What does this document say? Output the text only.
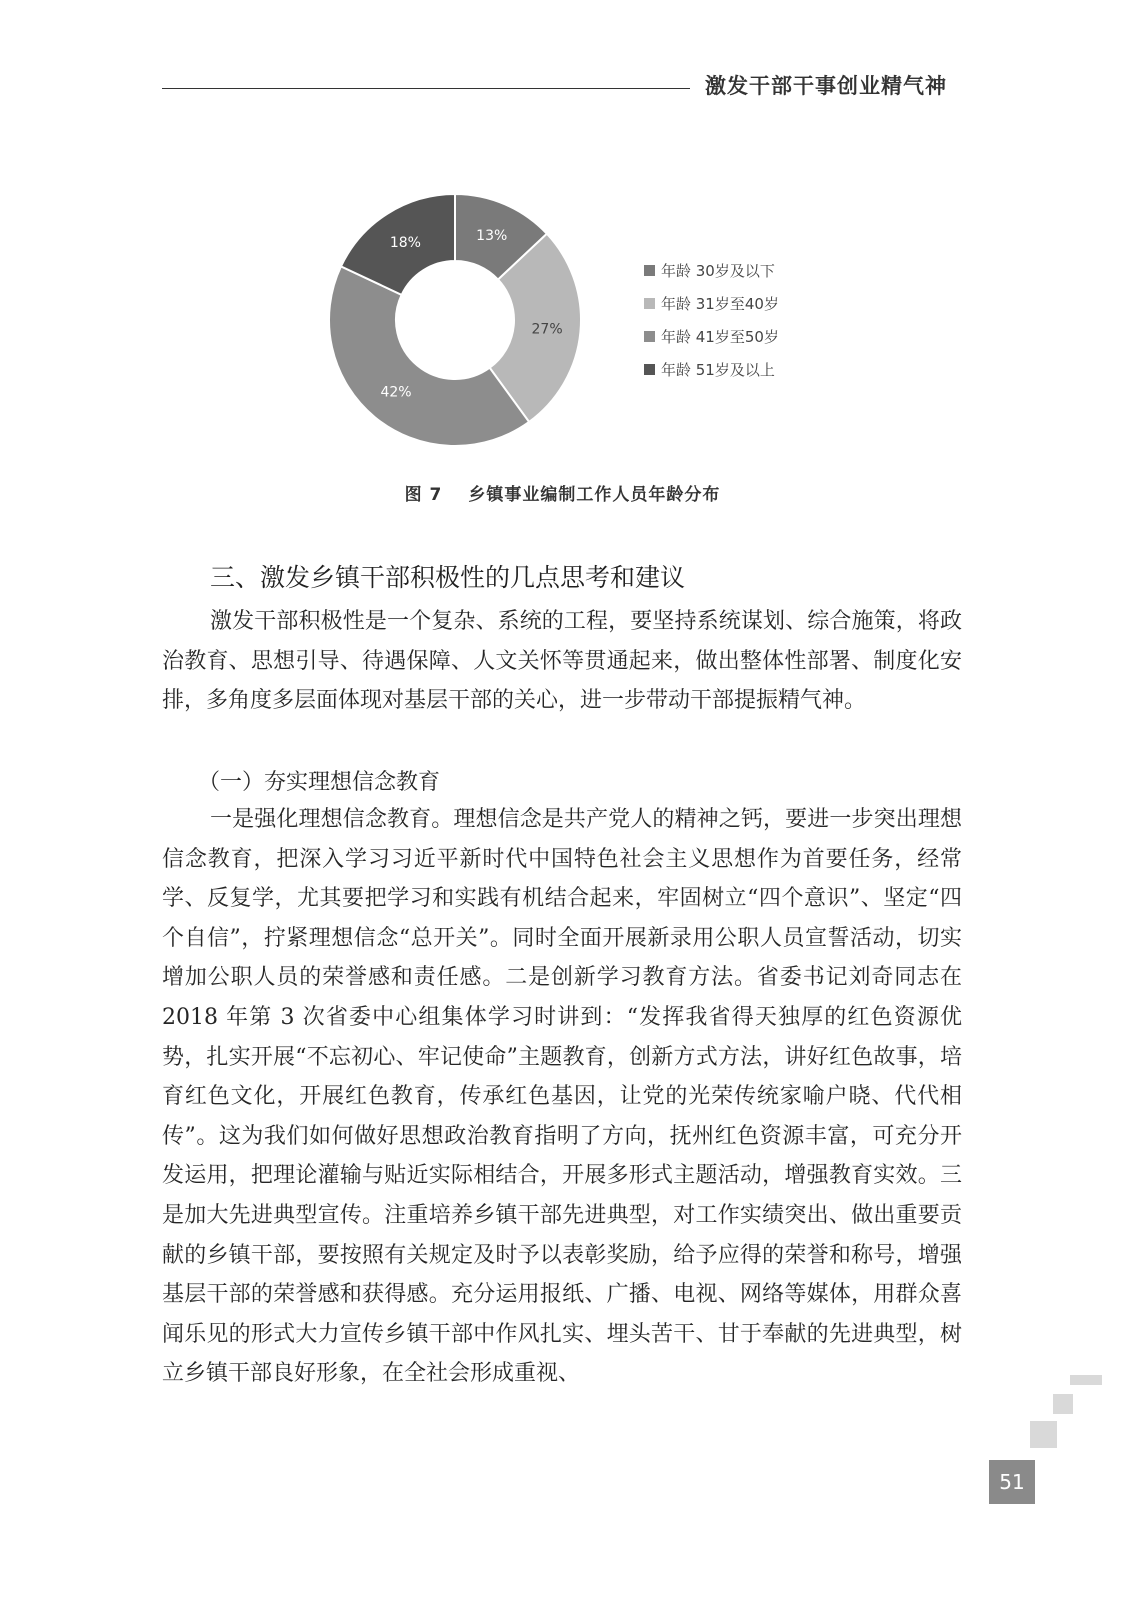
激发干部干事创业精气神
13%
27%
42%
18%
年龄 30岁及以下
年龄 31岁至40岁
年龄 41岁至50岁
年龄 51岁及以上
图 7 乡镇事业编制工作人员年龄分布
三、激发乡镇干部积极性的几点思考和建议
激发干部积极性是一个复杂、系统的工程，要坚持系统谋划、综合施策，将政治教育、思想引导、待遇保障、人文关怀等贯通起来，做出整体性部署、制度化安排，多角度多层面体现对基层干部的关心，进一步带动干部提振精气神。
（一）夯实理想信念教育
一是强化理想信念教育。理想信念是共产党人的精神之钙，要进一步突出理想信念教育，把深入学习习近平新时代中国特色社会主义思想作为首要任务，经常学、反复学，尤其要把学习和实践有机结合起来，牢固树立“四个意识”、坚定“四个自信”，拧紧理想信念“总开关”。同时全面开展新录用公职人员宣誓活动，切实增加公职人员的荣誉感和责任感。二是创新学习教育方法。省委书记刘奇同志在 2018 年第 3 次省委中心组集体学习时讲到：“发挥我省得天独厚的红色资源优势，扎实开展“不忘初心、牢记使命”主题教育，创新方式方法，讲好红色故事，培育红色文化，开展红色教育，传承红色基因，让党的光荣传统家喻户晓、代代相传”。这为我们如何做好思想政治教育指明了方向，抚州红色资源丰富，可充分开发运用，把理论灌输与贴近实际相结合，开展多形式主题活动，增强教育实效。三是加大先进典型宣传。注重培养乡镇干部先进典型，对工作实绩突出、做出重要贡献的乡镇干部，要按照有关规定及时予以表彰奖励，给予应得的荣誉和称号，增强基层干部的荣誉感和获得感。充分运用报纸、广播、电视、网络等媒体，用群众喜闻乐见的形式大力宣传乡镇干部中作风扎实、埋头苦干、甘于奉献的先进典型，树立乡镇干部良好形象，在全社会形成重视、
51
